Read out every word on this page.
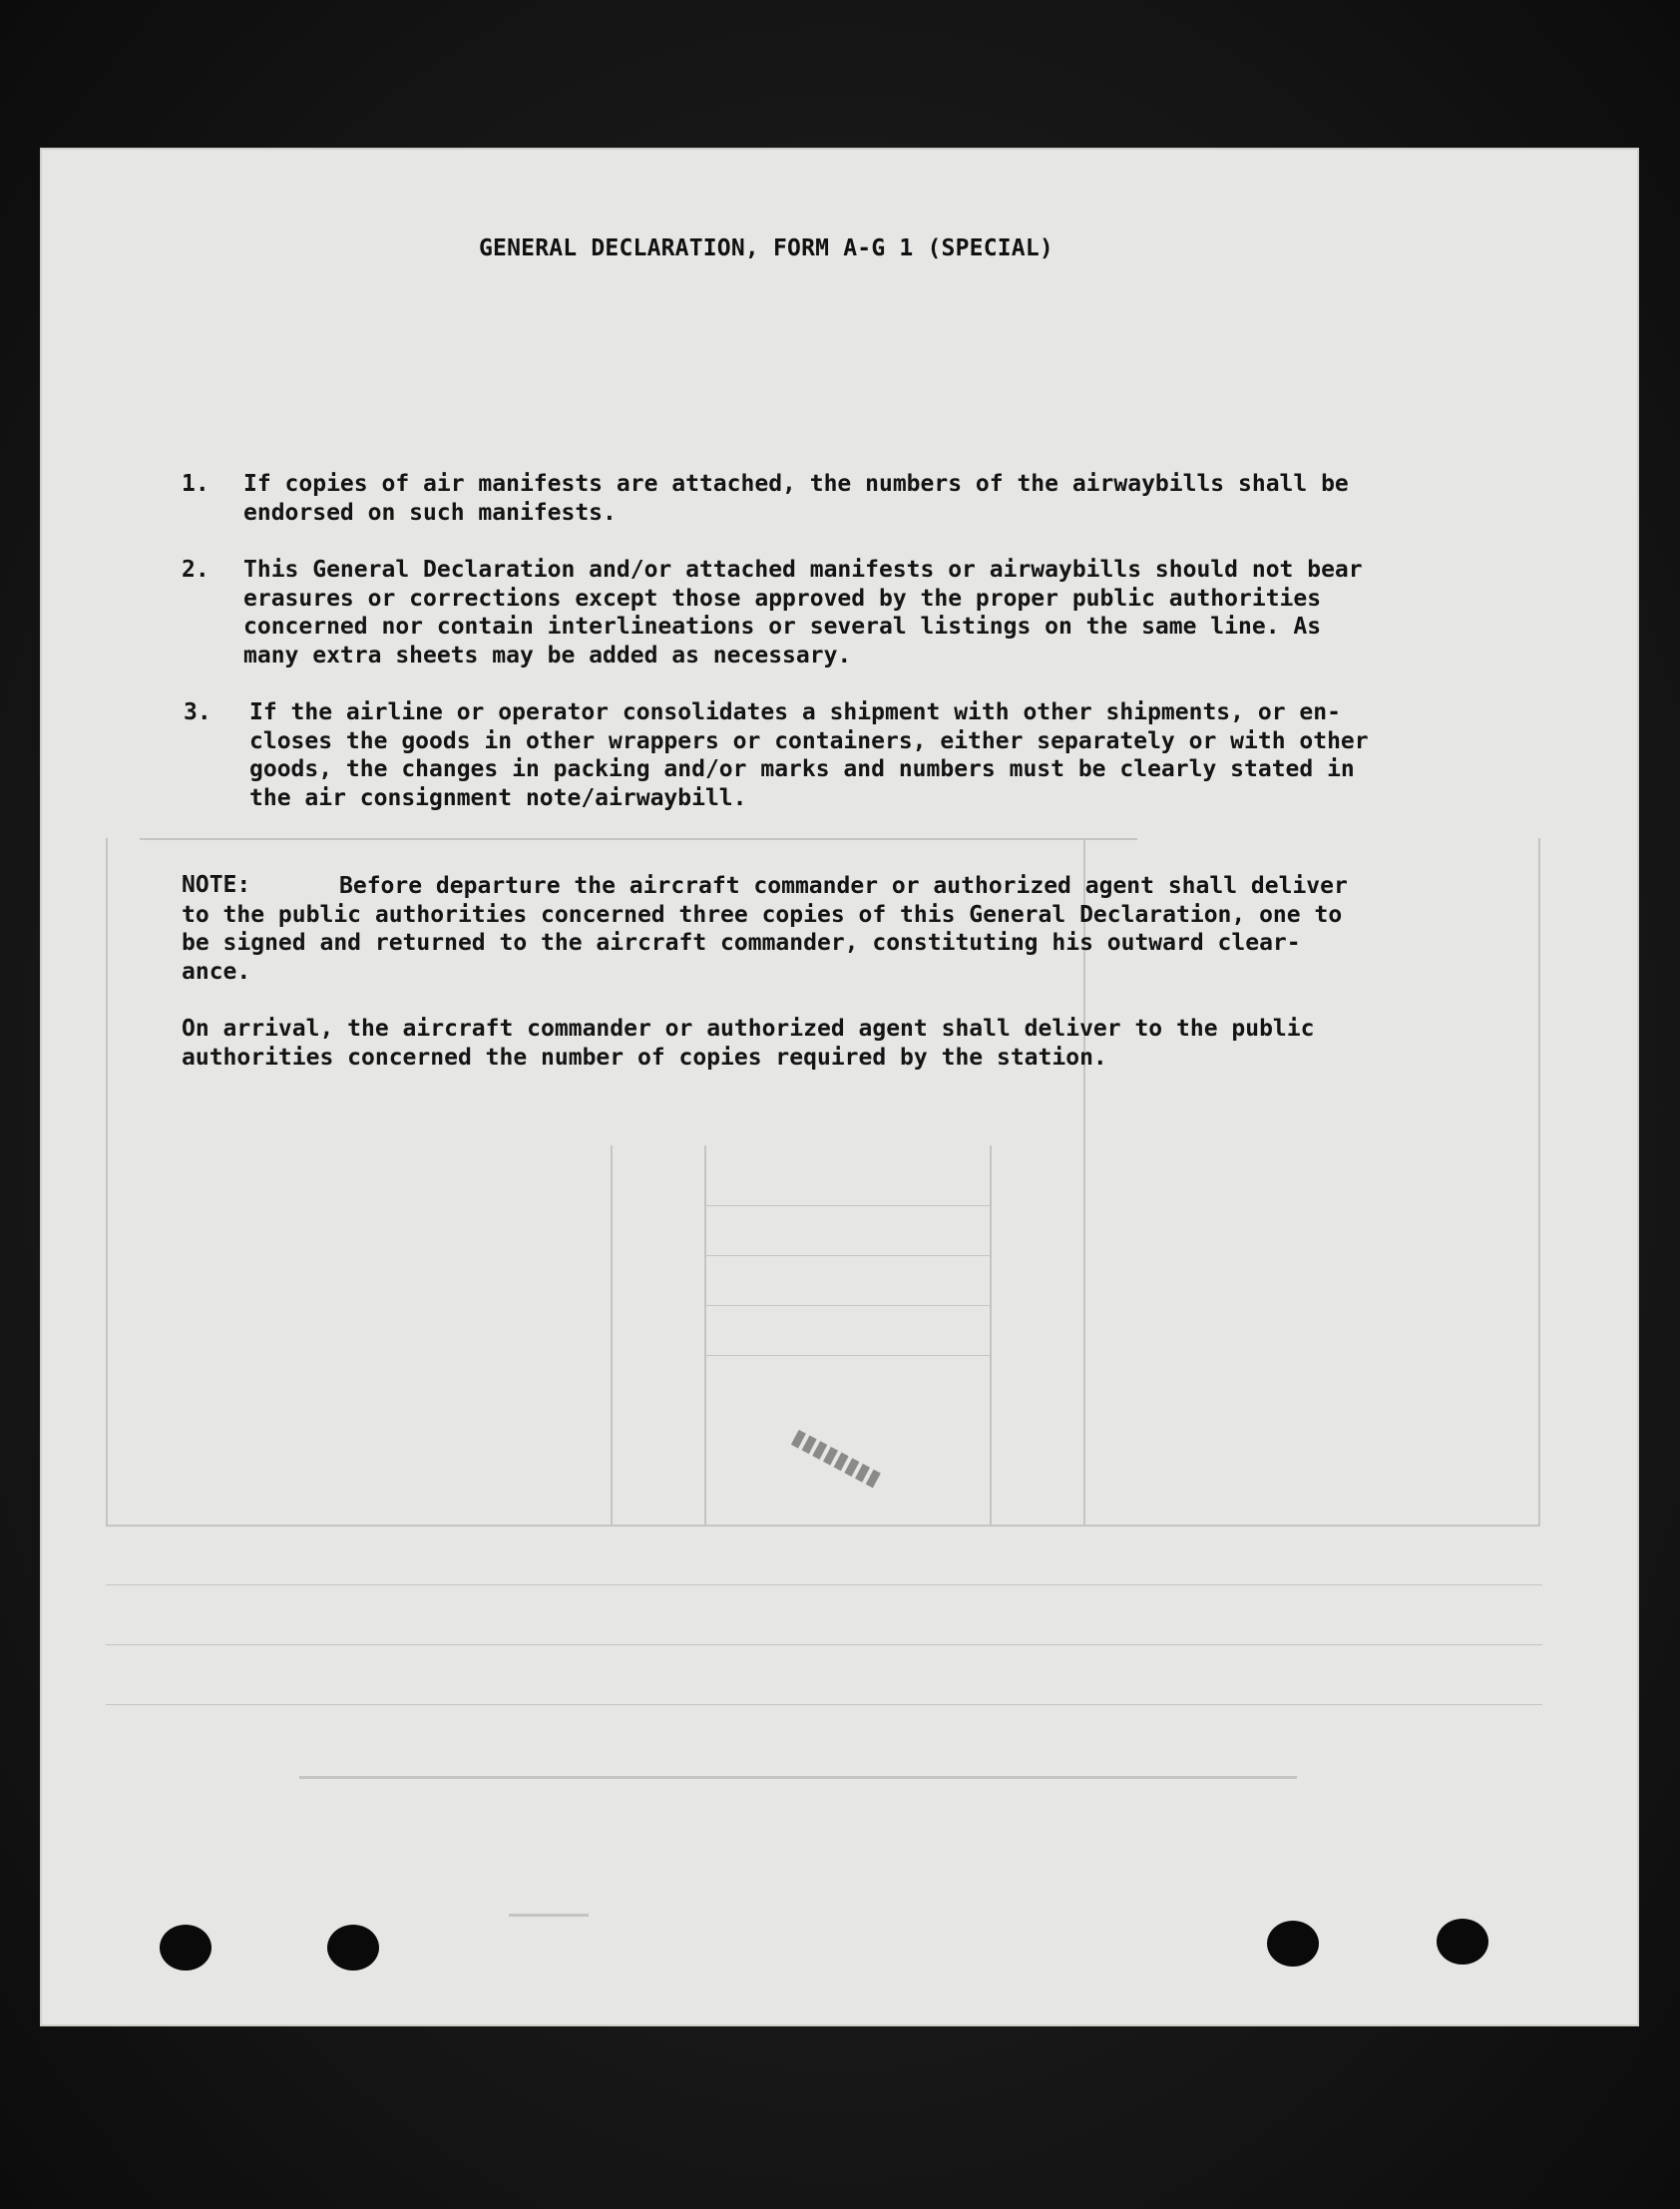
▮▮▮▮▮▮▮▮
GENERAL DECLARATION, FORM A-G 1 (SPECIAL)
1. If copies of air manifests are attached, the numbers of the airwaybills shall be
endorsed on such manifests.
2. This General Declaration and/or attached manifests or airwaybills should not bear
erasures or corrections except those approved by the proper public authorities
concerned nor contain interlineations or several listings on the same line. As
many extra sheets may be added as necessary.
3. If the airline or operator consolidates a shipment with other shipments, or en-
closes the goods in other wrappers or containers, either separately or with other
goods, the changes in packing and/or marks and numbers must be clearly stated in
the air consignment note/airwaybill.
NOTE:	Before departure the aircraft commander or authorized agent shall deliver
to the public authorities concerned three copies of this General Declaration, one to
be signed and returned to the aircraft commander, constituting his outward clear-
ance.
On arrival, the aircraft commander or authorized agent shall deliver to the public
authorities concerned the number of copies required by the station.
